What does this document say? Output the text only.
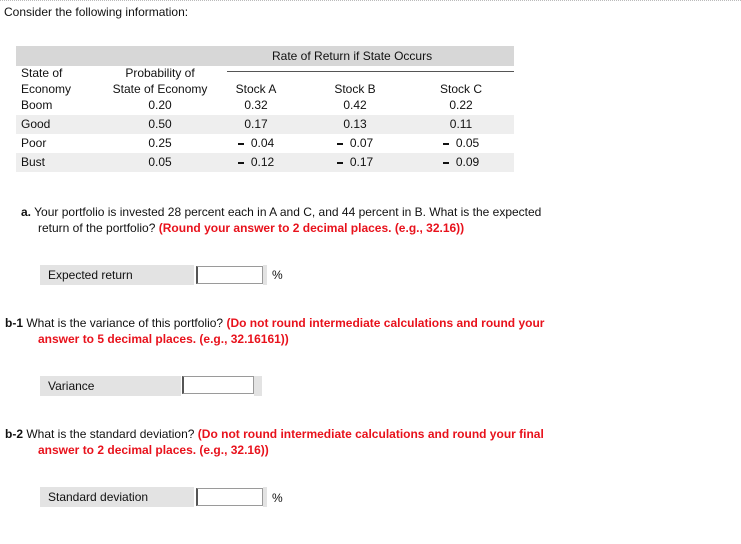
Consider the following information:
Rate of Return if State Occurs
State of	Probability of
Economy	State of Economy	Stock A	Stock B	Stock C
Boom	0.20	0.32	0.42	0.22
Good	0.50	0.17	0.13	0.11
Poor	0.25	0.04	0.07	0.05
Bust	0.05	0.12	0.17	0.09
a. Your portfolio is invested 28 percent each in A and C, and 44 percent in B. What is the expected
return of the portfolio? (Round your answer to 2 decimal places. (e.g., 32.16))
Expected return	%
b-1 What is the variance of this portfolio? (Do not round intermediate calculations and round your
answer to 5 decimal places. (e.g., 32.16161))
Variance
b-2 What is the standard deviation? (Do not round intermediate calculations and round your final
answer to 2 decimal places. (e.g., 32.16))
Standard deviation	%
